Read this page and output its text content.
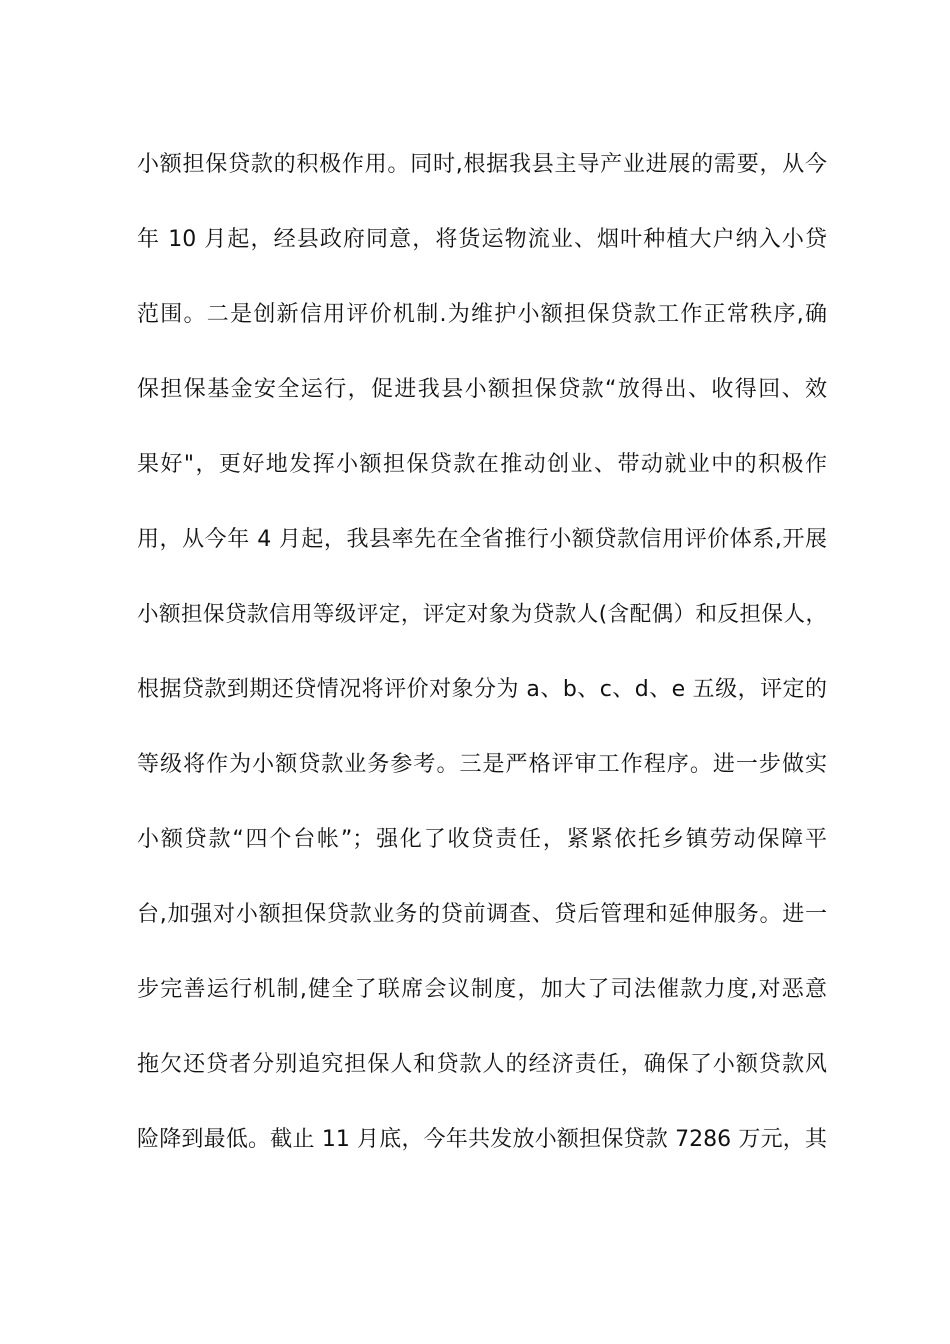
小额担保贷款的积极作用。同时,根据我县主导产业进展的需要，从今
年 10 月起，经县政府同意，将货运物流业、烟叶种植大户纳入小贷
范围。二是创新信用评价机制.为维护小额担保贷款工作正常秩序,确
保担保基金安全运行，促进我县小额担保贷款“放得出、收得回、效
果好"，更好地发挥小额担保贷款在推动创业、带动就业中的积极作
用，从今年 4 月起，我县率先在全省推行小额贷款信用评价体系,开展
小额担保贷款信用等级评定，评定对象为贷款人(含配偶）和反担保人，
根据贷款到期还贷情况将评价对象分为 a、b、c、d、e 五级，评定的
等级将作为小额贷款业务参考。三是严格评审工作程序。进一步做实
小额贷款“四个台帐”；强化了收贷责任，紧紧依托乡镇劳动保障平
台,加强对小额担保贷款业务的贷前调查、贷后管理和延伸服务。进一
步完善运行机制,健全了联席会议制度，加大了司法催款力度,对恶意
拖欠还贷者分别追究担保人和贷款人的经济责任，确保了小额贷款风
险降到最低。截止 11 月底，今年共发放小额担保贷款 7286 万元，其
